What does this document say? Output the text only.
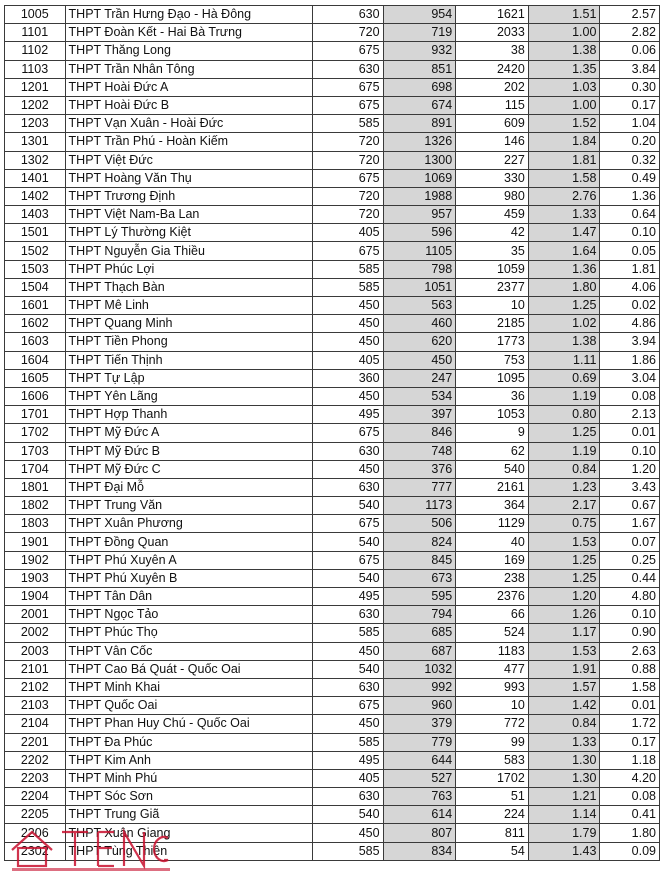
1005	THPT Trần Hưng Đạo - Hà Đông	630	954	1621	1.51	2.57
1101	THPT Đoàn Kết - Hai Bà Trưng	720	719	2033	1.00	2.82
1102	THPT Thăng Long	675	932	38	1.38	0.06
1103	THPT Trần Nhân Tông	630	851	2420	1.35	3.84
1201	THPT Hoài Đức A	675	698	202	1.03	0.30
1202	THPT Hoài Đức B	675	674	115	1.00	0.17
1203	THPT Vạn Xuân - Hoài Đức	585	891	609	1.52	1.04
1301	THPT Trần Phú - Hoàn Kiếm	720	1326	146	1.84	0.20
1302	THPT Việt Đức	720	1300	227	1.81	0.32
1401	THPT Hoàng Văn Thụ	675	1069	330	1.58	0.49
1402	THPT Trương Định	720	1988	980	2.76	1.36
1403	THPT Việt Nam-Ba Lan	720	957	459	1.33	0.64
1501	THPT Lý Thường Kiệt	405	596	42	1.47	0.10
1502	THPT Nguyễn Gia Thiều	675	1105	35	1.64	0.05
1503	THPT Phúc Lợi	585	798	1059	1.36	1.81
1504	THPT Thạch Bàn	585	1051	2377	1.80	4.06
1601	THPT Mê Linh	450	563	10	1.25	0.02
1602	THPT Quang Minh	450	460	2185	1.02	4.86
1603	THPT Tiền Phong	450	620	1773	1.38	3.94
1604	THPT Tiến Thịnh	405	450	753	1.11	1.86
1605	THPT Tự Lập	360	247	1095	0.69	3.04
1606	THPT Yên Lãng	450	534	36	1.19	0.08
1701	THPT Hợp Thanh	495	397	1053	0.80	2.13
1702	THPT Mỹ Đức A	675	846	9	1.25	0.01
1703	THPT Mỹ Đức B	630	748	62	1.19	0.10
1704	THPT Mỹ Đức C	450	376	540	0.84	1.20
1801	THPT Đại Mỗ	630	777	2161	1.23	3.43
1802	THPT Trung Văn	540	1173	364	2.17	0.67
1803	THPT Xuân Phương	675	506	1129	0.75	1.67
1901	THPT Đồng Quan	540	824	40	1.53	0.07
1902	THPT Phú Xuyên A	675	845	169	1.25	0.25
1903	THPT Phú Xuyên B	540	673	238	1.25	0.44
1904	THPT Tân Dân	495	595	2376	1.20	4.80
2001	THPT Ngọc Tảo	630	794	66	1.26	0.10
2002	THPT Phúc Thọ	585	685	524	1.17	0.90
2003	THPT Vân Cốc	450	687	1183	1.53	2.63
2101	THPT Cao Bá Quát - Quốc Oai	540	1032	477	1.91	0.88
2102	THPT Minh Khai	630	992	993	1.57	1.58
2103	THPT Quốc Oai	675	960	10	1.42	0.01
2104	THPT Phan Huy Chú - Quốc Oai	450	379	772	0.84	1.72
2201	THPT Đa Phúc	585	779	99	1.33	0.17
2202	THPT Kim Anh	495	644	583	1.30	1.18
2203	THPT Minh Phú	405	527	1702	1.30	4.20
2204	THPT Sóc Sơn	630	763	51	1.21	0.08
2205	THPT Trung Giã	540	614	224	1.14	0.41
2206	THPT Xuân Giang	450	807	811	1.79	1.80
2302	THPT Tùng Thiện	585	834	54	1.43	0.09
